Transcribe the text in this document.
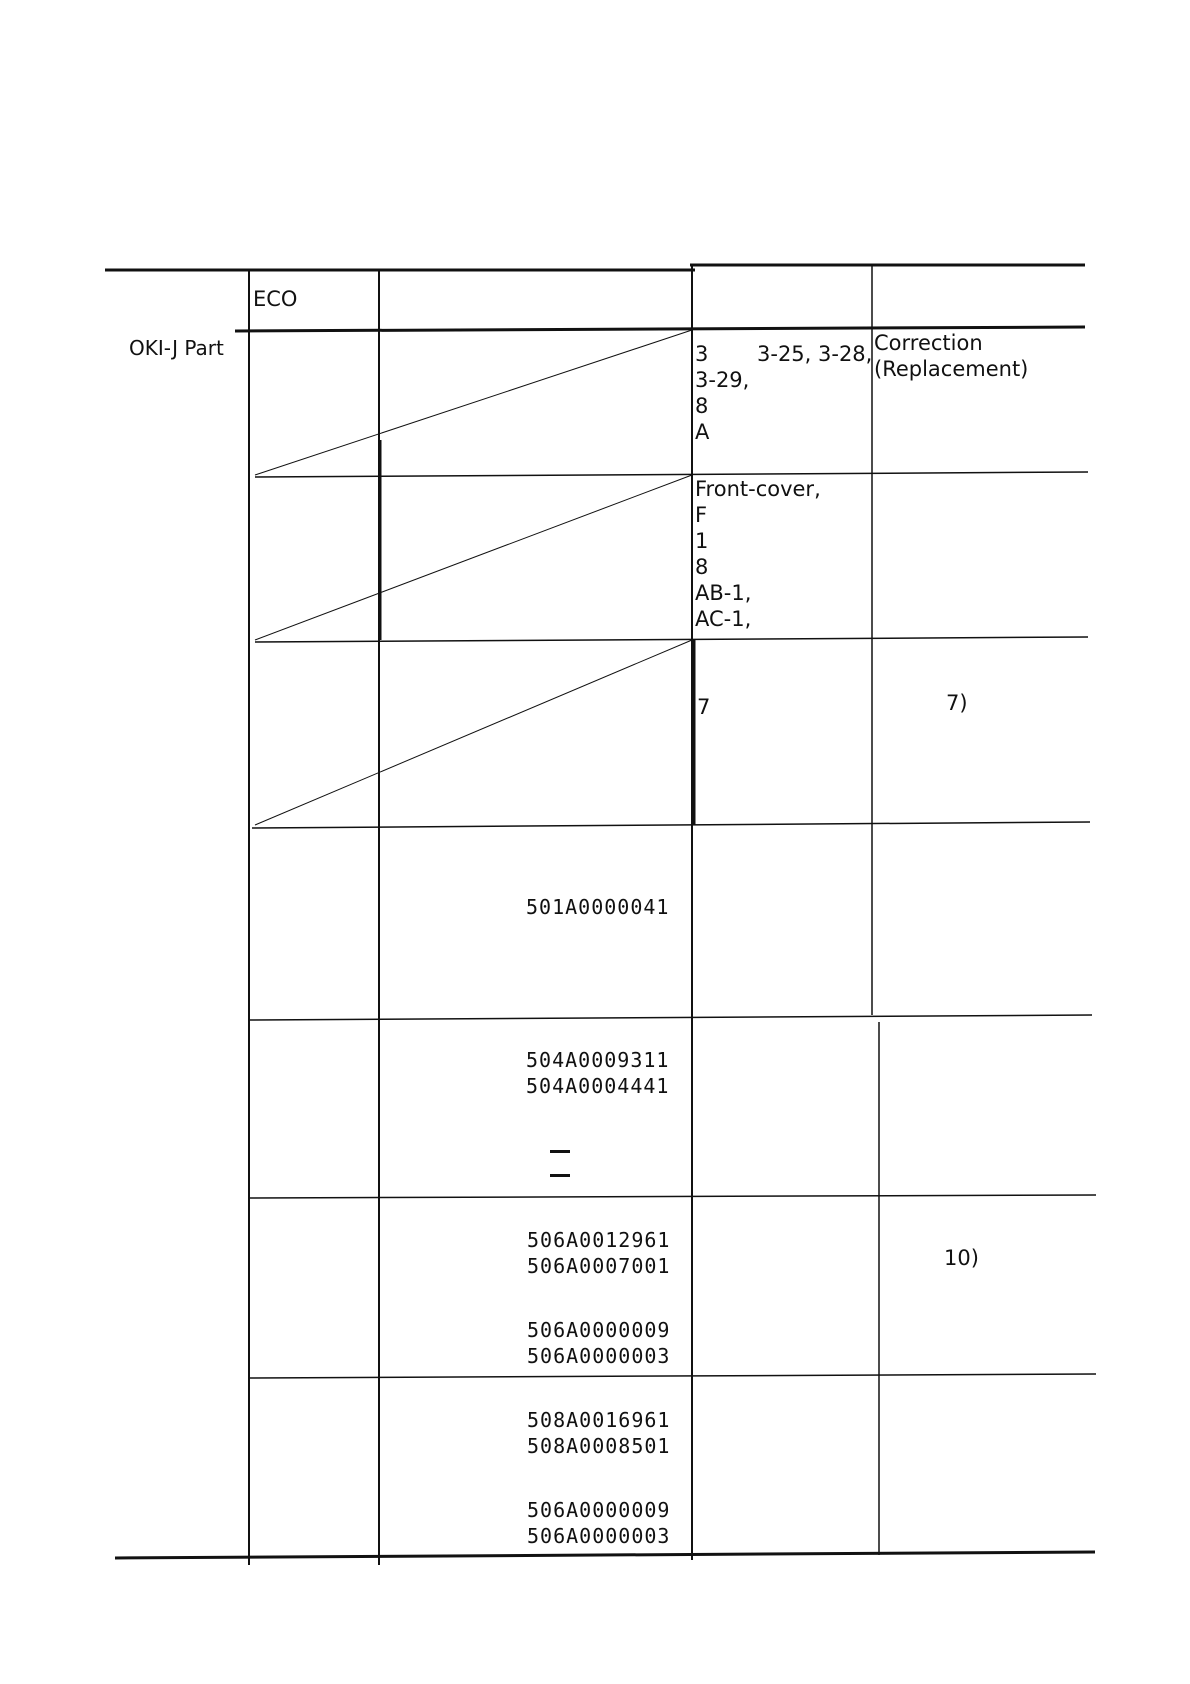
ECO
OKI-J Part	3 3-25, 3-28,
3-29,
8
A
Correction
(Replacement)
Front-cover,
F
1
8
AB-1,
AC-1,
7	7)
501A0000041
504A0009311
504A0004441
506A0012961
506A0007001
506A0000009
506A0000003
10)
508A0016961
508A0008501
506A0000009
506A0000003
